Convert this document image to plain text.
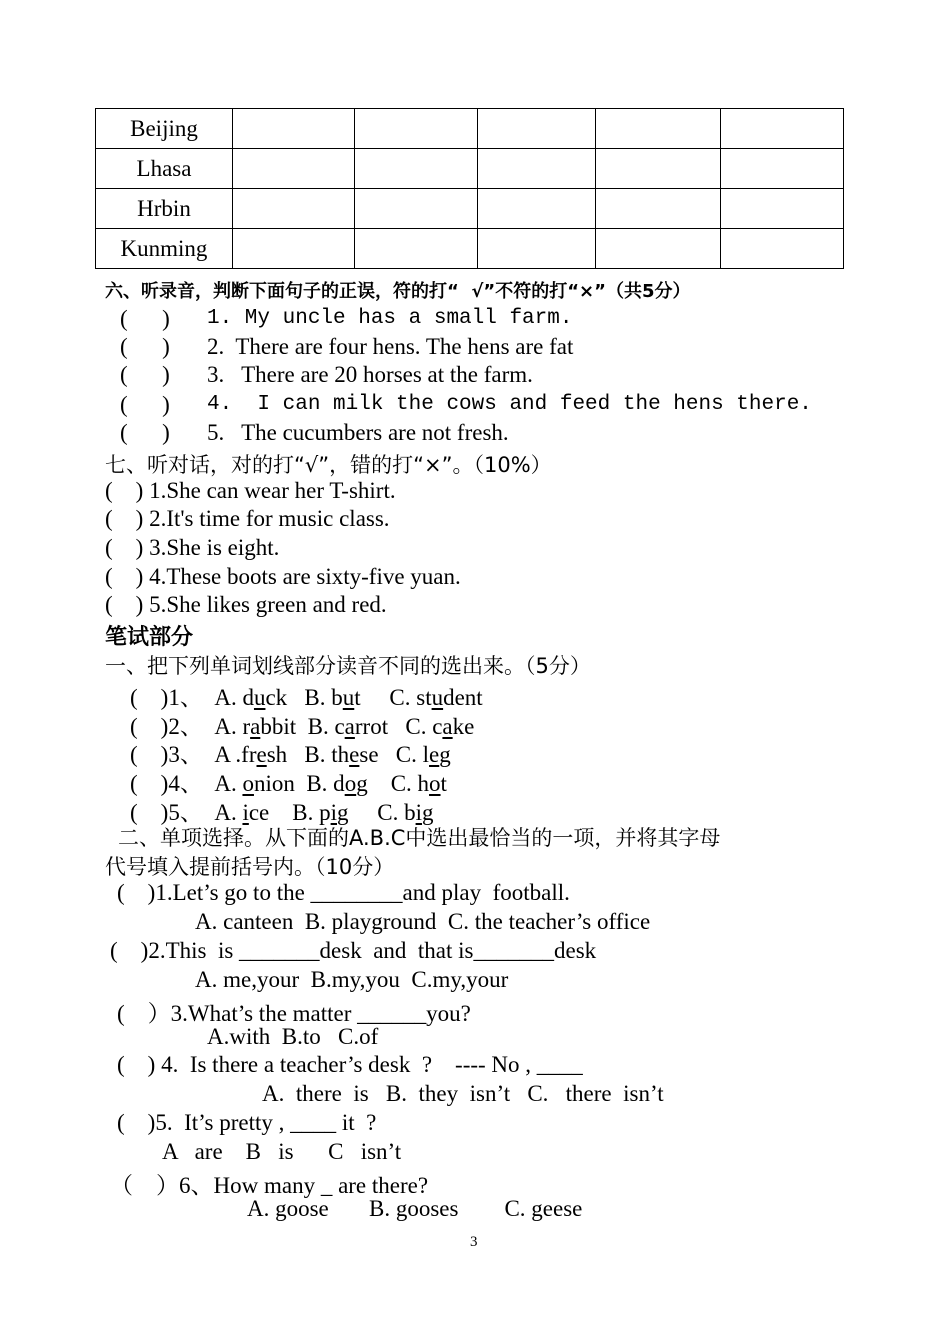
Beijing					
Lhasa					
Hrbin					
Kunming					
六、听录音，判断下面句子的正误，符的打“  √”不符的打“×”（共5分）
(      ) 1. My uncle has a small farm.
(      ) 2.  There are four hens. The hens are fat
(      ) 3.   There are 20 horses at the farm.
(      ) 4.  I can milk the cows and feed the hens there.
(      ) 5.   The cucumbers are not fresh.
七、听对话，对的打“√”，错的打“×”。（10%）
(    ) 1.She can wear her T-shirt.
(    ) 2.It's time for music class.
(    ) 3.She is eight.
(    ) 4.These boots are sixty-five yuan.
(    ) 5.She likes green and red.
笔试部分
一、把下列单词划线部分读音不同的选出来。（5分）
(    )1、 A. duck B. but C. student
(    )2、 A. rabbit B. carrot C. cake
(    )3、 A .fresh B. these C. leg
(    )4、 A. onion B. dog C. hot
(    )5、 A. ice B. pig C. big
二、单项选择。从下面的A.B.C中选出最恰当的一项，并将其字母
代号填入提前括号内。（10分）
(    )1.Let’s go to the ________and play  football.
A. canteen  B. playground  C. the teacher’s office
(    )2.This  is _______desk  and  that is_______desk
A. me,your  B.my,you  C.my,your
(    ）3.What’s the matter ______you?
A.with  B.to   C.of
(    ) 4.  Is there a teacher’s desk  ?    ---- No , ____
A.  there  is   B.  they  isn’t   C.   there  isn’t
(    )5.  It’s pretty , ____ it  ?
A   are    B   is      C   isn’t
（    ）6、How many _ are there?
A. goose       B. gooses        C. geese
3
